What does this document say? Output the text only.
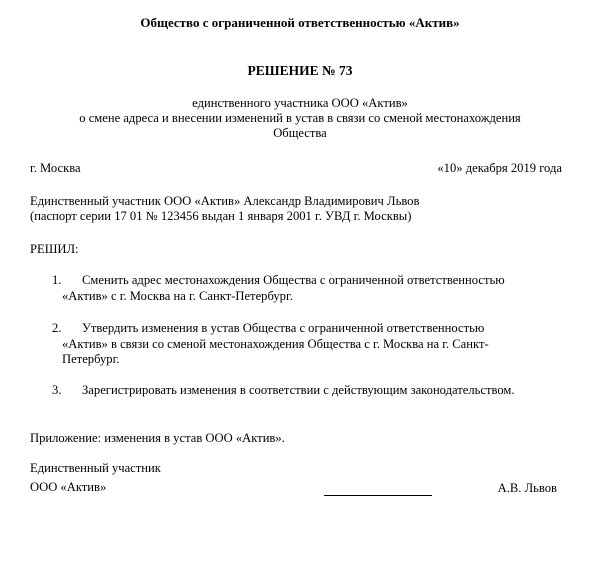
Общество с ограниченной ответственностью «Актив»
РЕШЕНИЕ № 73
единственного участника ООО «Актив»
о смене адреса и внесении изменений в устав в связи со сменой местонахождения
Общества
г. Москва	«10» декабря 2019 года
Единственный участник ООО «Актив» Александр Владимирович Львов
(паспорт серии 17 01 № 123456 выдан 1 января 2001 г. УВД г. Москвы)
РЕШИЛ:
1. Сменить адрес местонахождения Общества с ограниченной ответственностью
«Актив» с г. Москва на г. Санкт-Петербург.
2. Утвердить изменения в устав Общества с ограниченной ответственностью
«Актив» в связи со сменой местонахождения Общества с г. Москва на г. Санкт-
Петербург.
3. Зарегистрировать изменения в соответствии с действующим законодательством.
Приложение: изменения в устав ООО «Актив».
Единственный участник
ООО «Актив»	А.В. Львов
